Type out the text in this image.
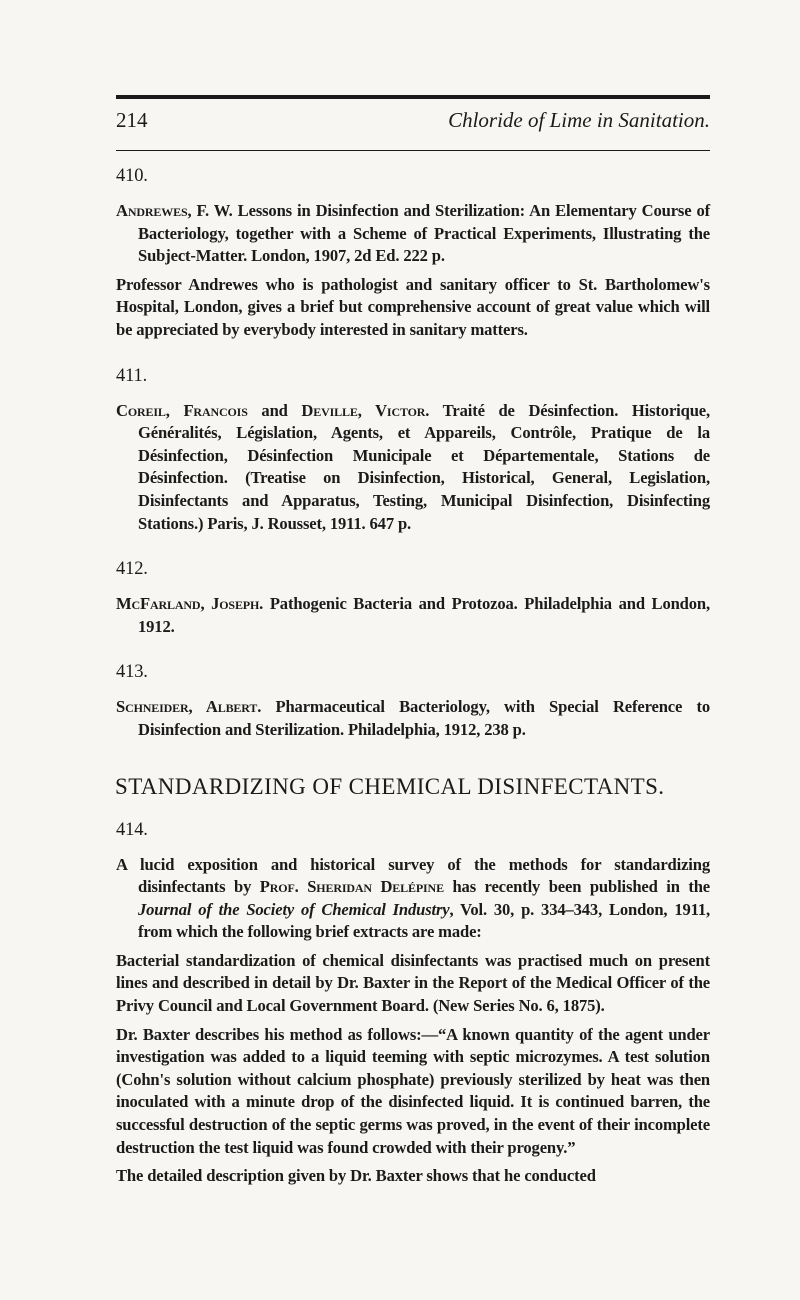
214	Chloride of Lime in Sanitation.
410.

Andrewes, F. W. Lessons in Disinfection and Sterilization: An Elementary Course of Bacteriology, together with a Scheme of Practical Experiments, Illustrating the Subject-Matter. London, 1907, 2d Ed. 222 p.

Professor Andrewes who is pathologist and sanitary officer to St. Bartholomew's Hospital, London, gives a brief but comprehensive account of great value which will be appreciated by everybody interested in sanitary matters.

411.

Coreil, Francois and Deville, Victor. Traité de Désinfection. Historique, Généralités, Législation, Agents, et Appareils, Contrôle, Pratique de la Désinfection, Désinfection Municipale et Départementale, Stations de Désinfection. (Treatise on Disinfection, Historical, General, Legislation, Disinfectants and Apparatus, Testing, Municipal Disinfection, Disinfecting Stations.) Paris, J. Rousset, 1911. 647 p.

412.

McFarland, Joseph. Pathogenic Bacteria and Protozoa. Philadelphia and London, 1912.

413.

Schneider, Albert. Pharmaceutical Bacteriology, with Special Reference to Disinfection and Sterilization. Philadelphia, 1912, 238 p.

STANDARDIZING OF CHEMICAL DISINFECTANTS.
414.

A lucid exposition and historical survey of the methods for standardizing disinfectants by Prof. Sheridan Delépine has recently been published in the Journal of the Society of Chemical Industry, Vol. 30, p. 334–343, London, 1911, from which the following brief extracts are made:

Bacterial standardization of chemical disinfectants was practised much on present lines and described in detail by Dr. Baxter in the Report of the Medical Officer of the Privy Council and Local Government Board. (New Series No. 6, 1875).

Dr. Baxter describes his method as follows:—“A known quantity of the agent under investigation was added to a liquid teeming with septic microzymes. A test solution (Cohn's solution without calcium phosphate) previously sterilized by heat was then inoculated with a minute drop of the disinfected liquid. It is continued barren, the successful destruction of the septic germs was proved, in the event of their incomplete destruction the test liquid was found crowded with their progeny.”

The detailed description given by Dr. Baxter shows that he conducted
